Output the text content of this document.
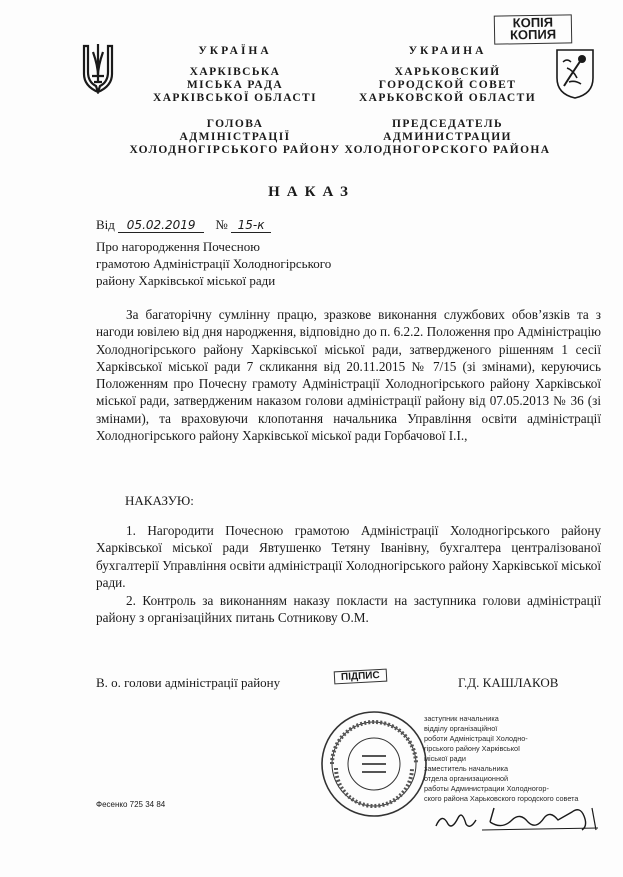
КОПІЯ
КОПИЯ
УКРАЇНА
ХАРКІВСЬКА
МІСЬКА РАДА
ХАРКІВСЬКОЇ ОБЛАСТІ
ГОЛОВА
АДМІНІСТРАЦІЇ
ХОЛОДНОГІРСЬКОГО РАЙОНУ
УКРАИНА
ХАРЬКОВСКИЙ
ГОРОДСКОЙ СОВЕТ
ХАРЬКОВСКОЙ ОБЛАСТИ
ПРЕДСЕДАТЕЛЬ
АДМИНИСТРАЦИИ
ХОЛОДНОГОРСКОГО РАЙОНА
НАКАЗ
Від 05.02.2019 № 15-к
Про нагородження Почесною
грамотою Адміністрації Холодногірського
району Харківської міської ради

За багаторічну сумлінну працю, зразкове виконання службових обов’язків та з нагоди ювілею від дня народження, відповідно до п. 6.2.2. Положення про Адміністрацію Холодногірського району Харківської міської ради, затвердженого рішенням 1 сесії Харківської міської ради 7 скликання від 20.11.2015 № 7/15 (зі змінами), керуючись Положенням про Почесну грамоту Адміністрації Холодногірського району Харківської міської ради, затвердженим наказом голови адміністрації району від 07.05.2013 № 36 (зі змінами), та враховуючи клопотання начальника Управління освіти адміністрації Холодногірського району Харківської міської ради Горбачової І.І.,

НАКАЗУЮ:

1. Нагородити Почесною грамотою Адміністрації Холодногірського району Харківської міської ради Явтушенко Тетяну Іванівну, бухгалтера централізованої бухгалтерії Управління освіти адміністрації Холодногірського району Харківської міської ради.

2. Контроль за виконанням наказу покласти на заступника голови адміністрації району з організаційних питань Сотникову О.М.

В. о. голови адміністрації району	ПІДПИС	Г.Д. КАШЛАКОВ
заступник начальника
відділу організаційної
роботи Адміністрації Холодно-
гірського району Харківської
міської ради
заместитель начальника
отдела организационной
работы Администрации Холодногор-
ского района Харьковского городского совета
Фесенко 725 34 84
